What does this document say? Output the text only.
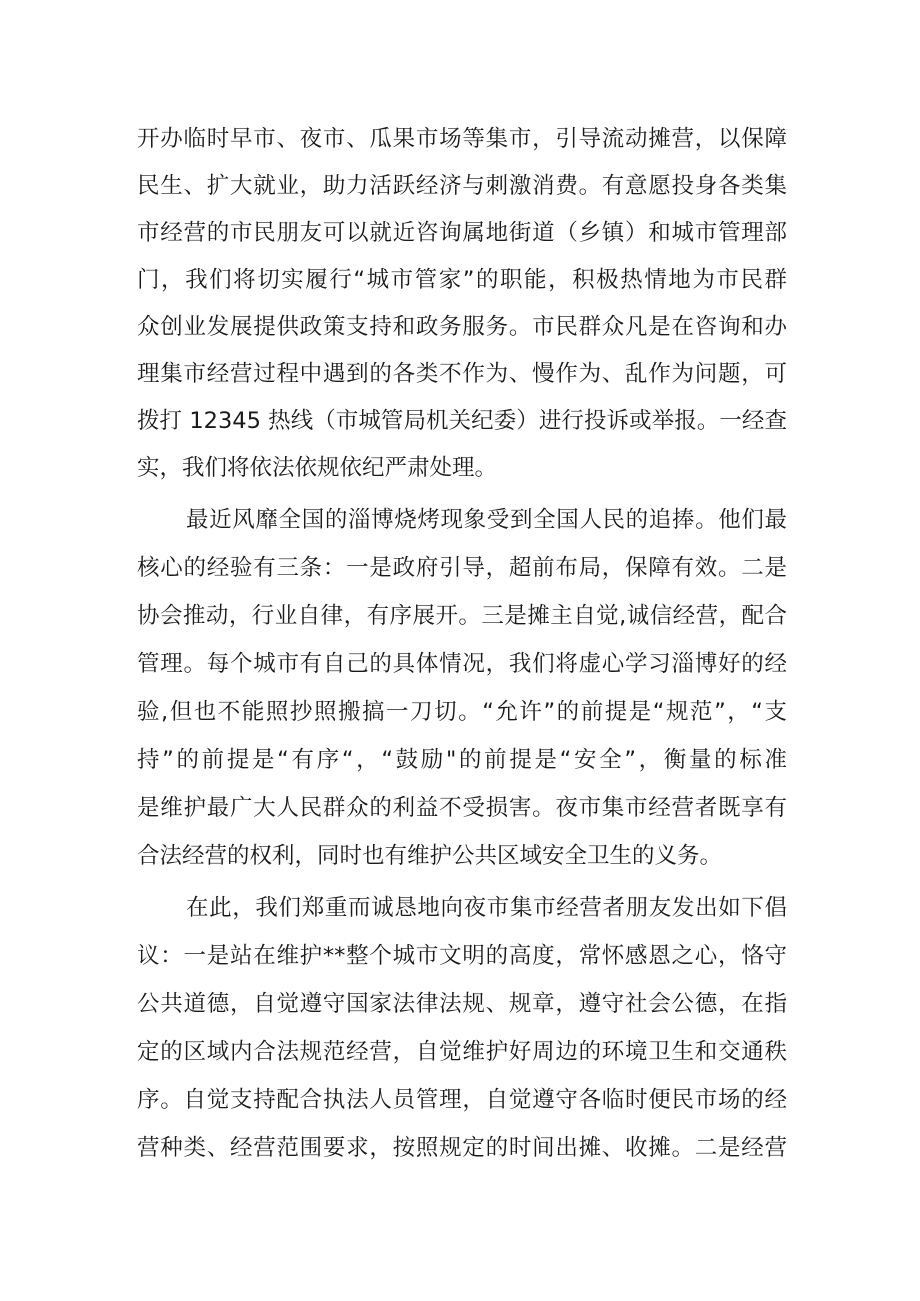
开办临时早市、夜市、瓜果市场等集市，引导流动摊营，以保障
民生、扩大就业，助力活跃经济与刺激消费。有意愿投身各类集
市经营的市民朋友可以就近咨询属地街道（乡镇）和城市管理部
门，我们将切实履行“城市管家”的职能，积极热情地为市民群
众创业发展提供政策支持和政务服务。市民群众凡是在咨询和办
理集市经营过程中遇到的各类不作为、慢作为、乱作为问题，可
拨打 12345 热线（市城管局机关纪委）进行投诉或举报。一经查
实，我们将依法依规依纪严肃处理。
最近风靡全国的淄博烧烤现象受到全国人民的追捧。他们最
核心的经验有三条：一是政府引导，超前布局，保障有效。二是
协会推动，行业自律，有序展开。三是摊主自觉,诚信经营，配合
管理。每个城市有自己的具体情况，我们将虚心学习淄博好的经
验,但也不能照抄照搬搞一刀切。“允许”的前提是“规范”，“支
持”的前提是“有序“，“鼓励"的前提是“安全”，衡量的标准
是维护最广大人民群众的利益不受损害。夜市集市经营者既享有
合法经营的权利，同时也有维护公共区域安全卫生的义务。
在此，我们郑重而诚恳地向夜市集市经营者朋友发出如下倡
议：一是站在维护**整个城市文明的高度，常怀感恩之心，恪守
公共道德，自觉遵守国家法律法规、规章，遵守社会公德，在指
定的区域内合法规范经营，自觉维护好周边的环境卫生和交通秩
序。自觉支持配合执法人员管理，自觉遵守各临时便民市场的经
营种类、经营范围要求，按照规定的时间出摊、收摊。二是经营
